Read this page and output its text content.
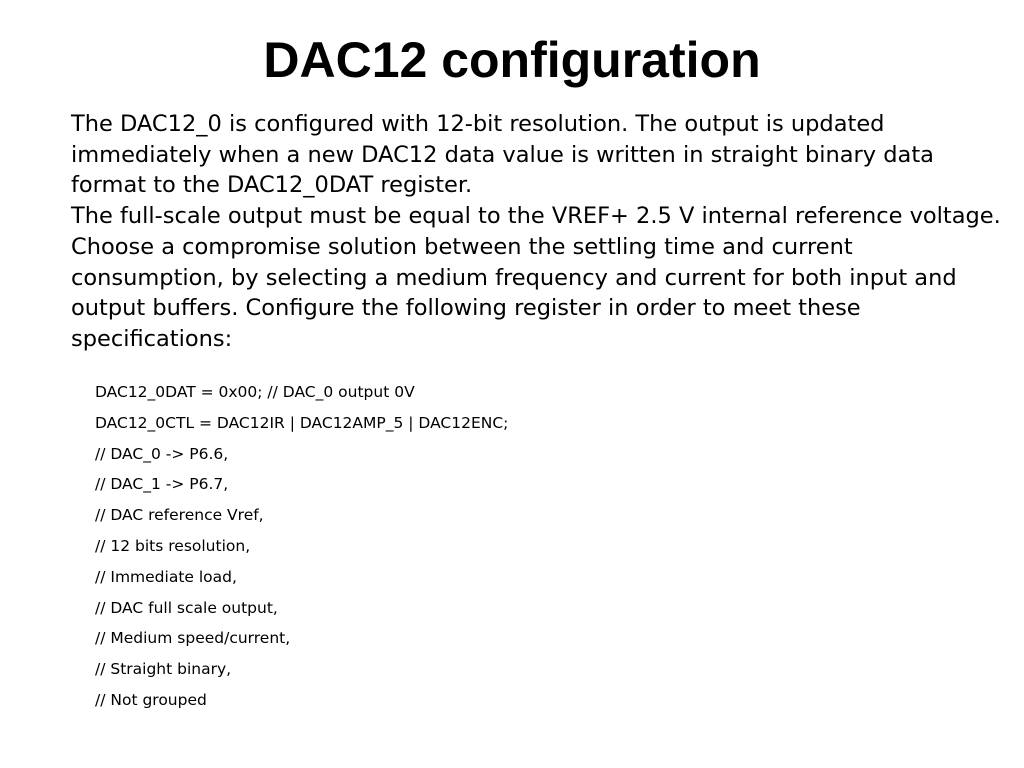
DAC12 configuration

The DAC12_0 is configured with 12-bit resolution. The output is updated immediately when a new DAC12 data value is written in straight binary data format to the DAC12_0DAT register.

The full-scale output must be equal to the VREF+ 2.5 V internal reference voltage. Choose a compromise solution between the settling time and current consumption, by selecting a medium frequency and current for both input and output buffers. Configure the following register in order to meet these specifications:

DAC12_0DAT = 0x00; // DAC_0 output 0V
DAC12_0CTL = DAC12IR | DAC12AMP_5 | DAC12ENC;
// DAC_0 -> P6.6,
// DAC_1 -> P6.7,
// DAC reference Vref,
// 12 bits resolution,
// Immediate load,
// DAC full scale output,
// Medium speed/current,
// Straight binary,
// Not grouped
